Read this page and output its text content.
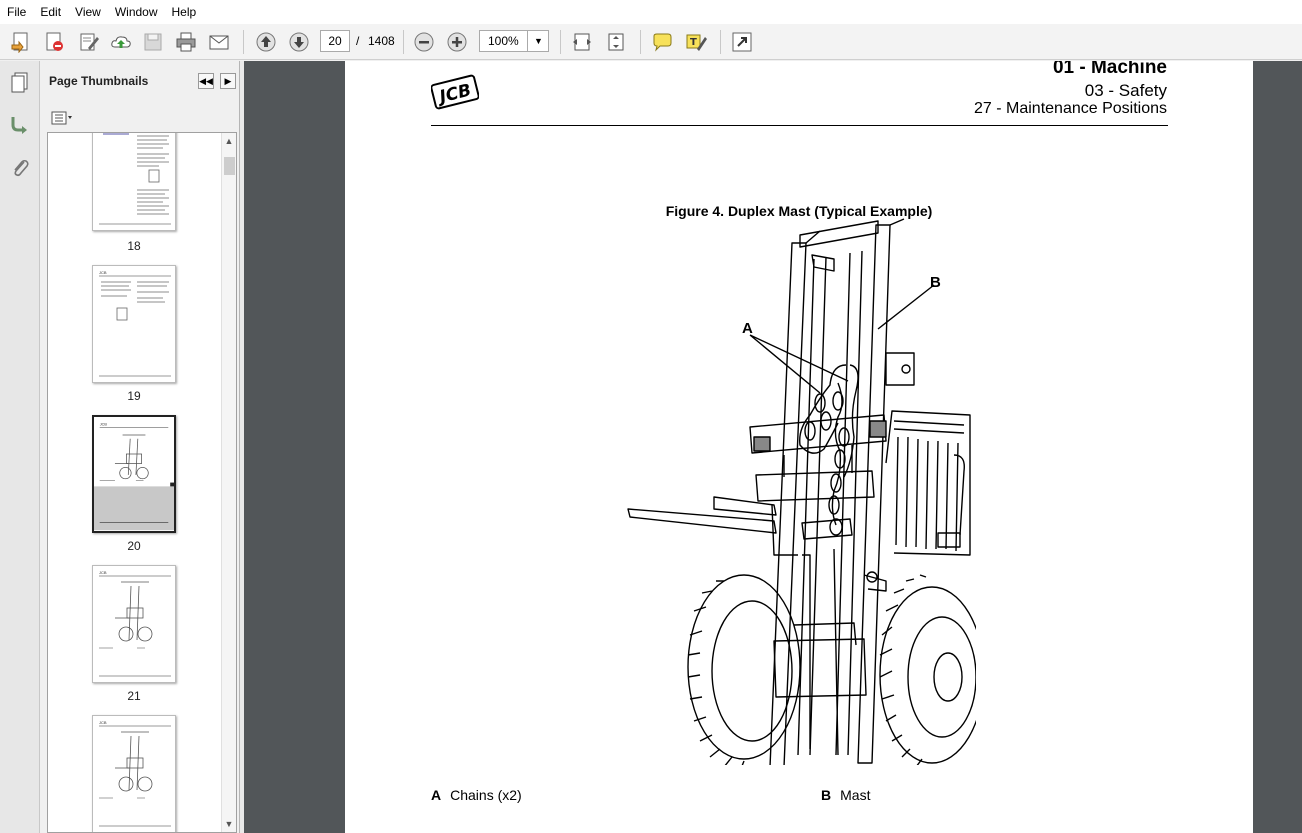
File	Edit	View	Window	Help
T
20	/ 1408	100%	▼
Page Thumbnails	◀◀	▶
18
JCB
19
JCB
20
JCB
21
JCB
▲
▼
JCB
01 - Machine
03 - Safety
27 - Maintenance Positions
Figure 4. Duplex Mast (Typical Example)
A
B
A Chains (x2)	B Mast
